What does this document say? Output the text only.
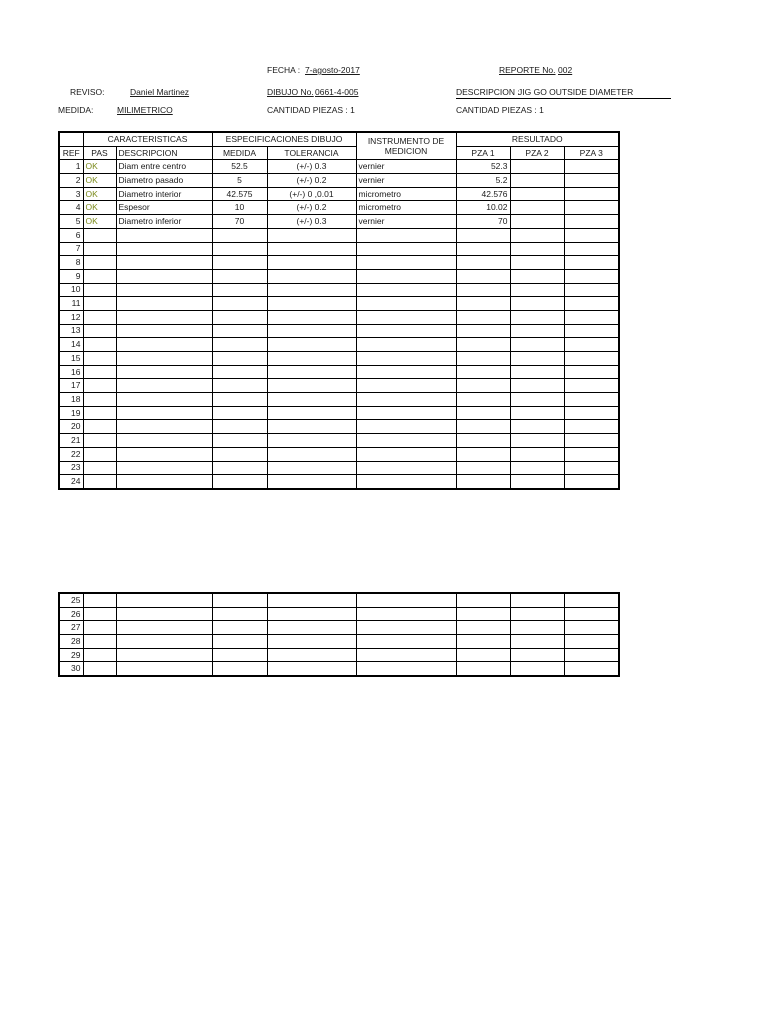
FECHA : 7-agosto-2017	REPORTE No. 002
REVISO:	Daniel Martinez	DIBUJO No. 0661-4-005	DESCRIPCION :
JIG GO OUTSIDE DIAMETER
MEDIDA:	MILIMETRICO	CANTIDAD PIEZAS : 1	CANTIDAD PIEZAS : 1
	CARACTERISTICAS		ESPECIFICACIONES DIBUJO		INSTRUMENTO DE MEDICION	RESULTADO		
REF	PAS	DESCRIPCION	MEDIDA	TOLERANCIA		PZA 1	PZA 2	PZA 3
1	OK	Diam entre centro	52.5	(+/-) 0.3	vernier	52.3		
2	OK	Diametro pasado	5	(+/-) 0.2	vernier	5.2		
3	OK	Diametro interior	42.575	(+/-) 0 ,0.01	micrometro	42.576		
4	OK	Espesor	10	(+/-) 0.2	micrometro	10.02		
5	OK	Diametro inferior	70	(+/-) 0.3	vernier	70		
6								
7								
8								
9								
10								
11								
12								
13								
14								
15								
16								
17								
18								
19								
20								
21								
22								
23								
24								
25								
26								
27								
28								
29								
30								
